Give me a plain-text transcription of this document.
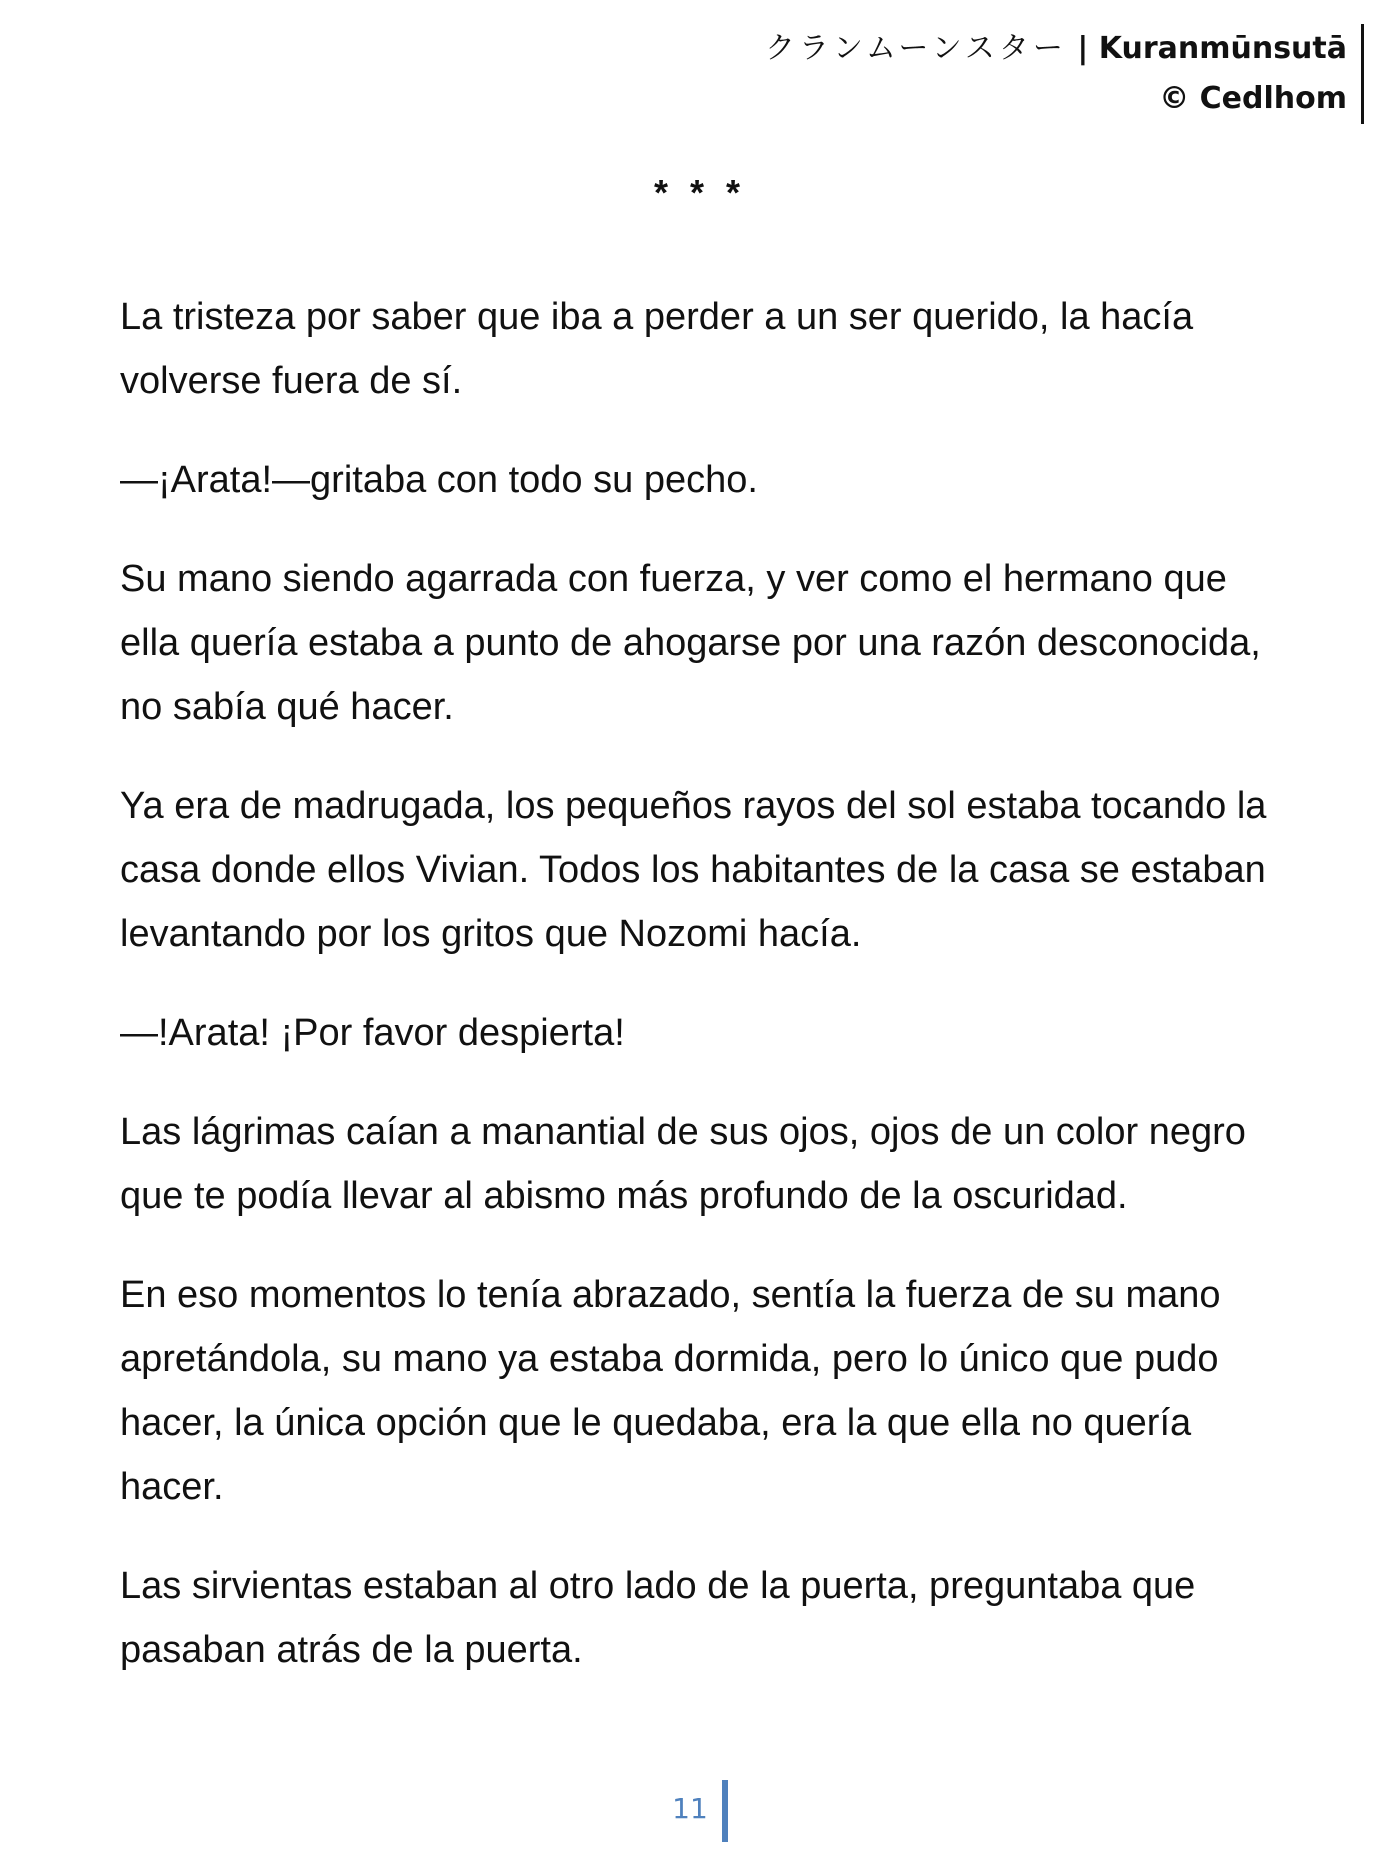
クランムーンスター | Kuranmūnsutā
© Cedlhom
* * *

La tristeza por saber que iba a perder a un ser querido, la hacía volverse fuera de sí.

—¡Arata!—gritaba con todo su pecho.

Su mano siendo agarrada con fuerza, y ver como el hermano que ella quería estaba a punto de ahogarse por una razón desconocida, no sabía qué hacer.

Ya era de madrugada, los pequeños rayos del sol estaba tocando la casa donde ellos Vivian. Todos los habitantes de la casa se estaban levantando por los gritos que Nozomi hacía.

—!Arata! ¡Por favor despierta!

Las lágrimas caían a manantial de sus ojos, ojos de un color negro que te podía llevar al abismo más profundo de la oscuridad.

En eso momentos lo tenía abrazado, sentía la fuerza de su mano apretándola, su mano ya estaba dormida, pero lo único que pudo hacer, la única opción que le quedaba, era la que ella no quería hacer.

Las sirvientas estaban al otro lado de la puerta, preguntaba que pasaban atrás de la puerta.

11
